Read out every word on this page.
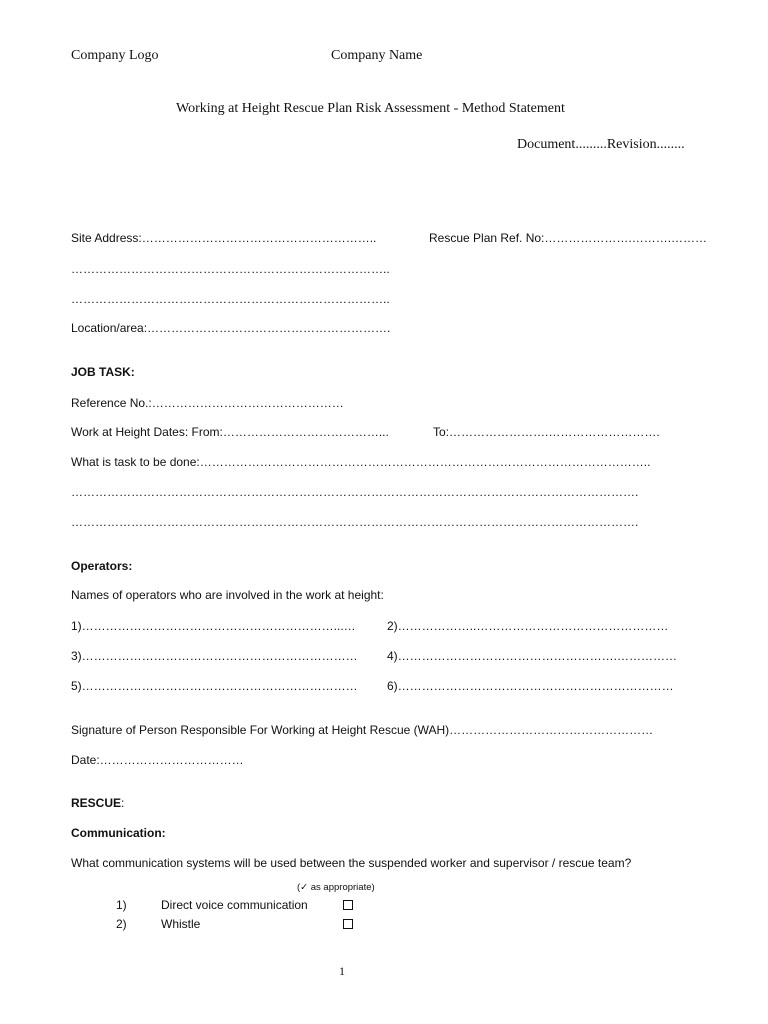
Company Logo	Company Name
Working at Height Rescue Plan Risk Assessment - Method Statement
Document.........Revision........
Site Address:…………………………………………………..	Rescue Plan Ref. No:………………….……….………
……………………………………………………………………..
……………………………………………………………………..
Location/area:…………………………………………………….
JOB TASK:
Reference No.:…………………………………………
Work at Height Dates: From:…………………………………...	To:…………………….……………………….
What is task to be done:…………………………………………………………………………………………………..
…………………………………………………………………………………………………………………………….
…………………………………………………………………………………………………………………………….
Operators:
Names of operators who are involved in the work at height:
1)………………………………………………………...…	2)………………..…………………………………………
3)…………………………………………………………… 4)……………………………………………….……………
5)…………………………………………………………… 6)……………………………………………………………
Signature of Person Responsible For Working at Height Rescue (WAH)……………………………………………
Date:………………………………
RESCUE:
Communication:
What communication systems will be used between the suspended worker and supervisor / rescue team?
(✓ as appropriate)
1)	Direct voice communication
2)	Whistle
1
